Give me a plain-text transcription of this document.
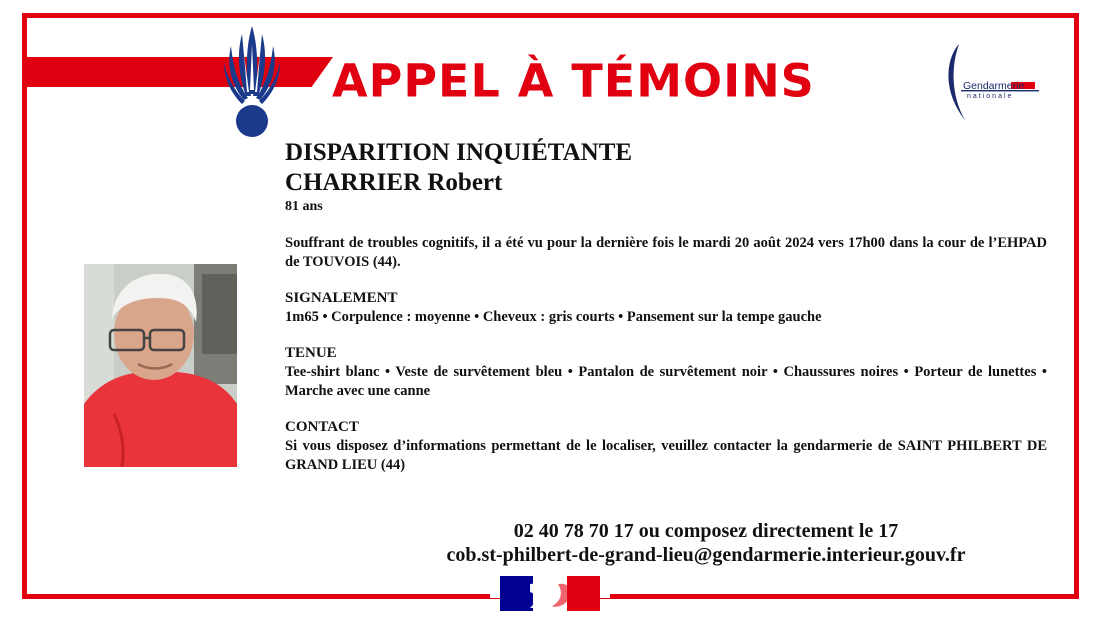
APPEL À TÉMOINS	Gendarmerie
nationale
DISPARITION INQUIÉTANTE
CHARRIER Robert
81 ans

Souffrant de troubles cognitifs, il a été vu pour la dernière fois le mardi 20 août 2024 vers 17h00 dans la cour de l’EHPAD de TOUVOIS (44).

SIGNALEMENT

1m65 • Corpulence : moyenne • Cheveux : gris courts • Pansement sur la tempe gauche

TENUE

Tee-shirt blanc • Veste de survêtement bleu • Pantalon de survêtement noir • Chaussures noires • Porteur de lunettes • Marche avec une canne

CONTACT

Si vous disposez d’informations permettant de le localiser, veuillez contacter la gendarmerie de SAINT PHILBERT DE GRAND LIEU (44)

02 40 78 70 17 ou composez directement le 17
cob.st-philbert-de-grand-lieu@gendarmerie.interieur.gouv.fr
